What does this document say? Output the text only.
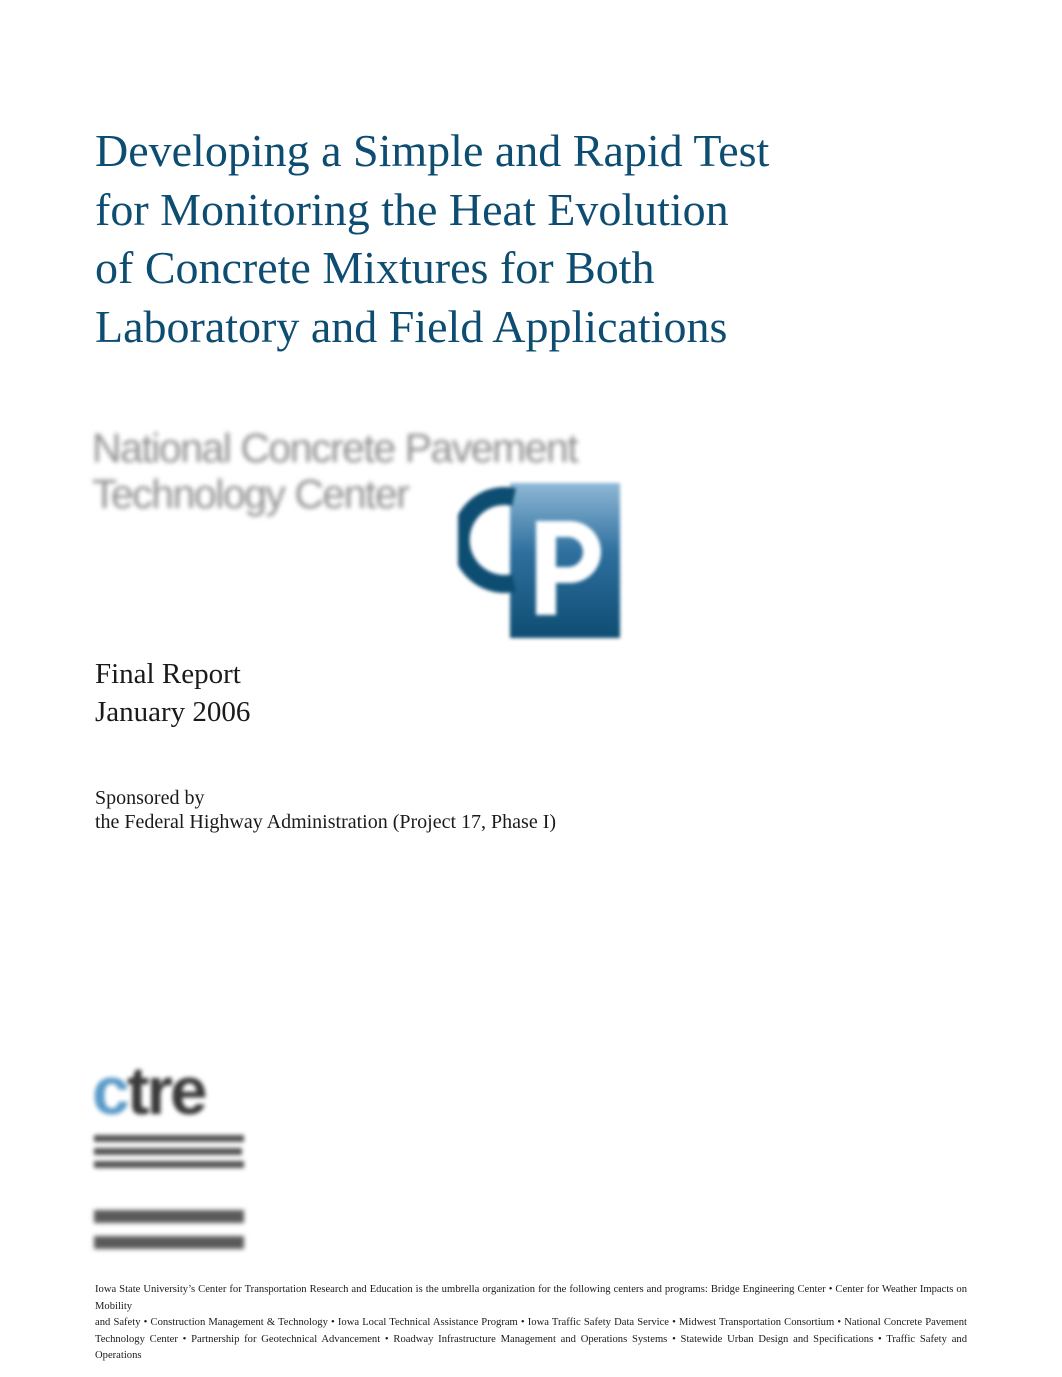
Developing a Simple and Rapid Test
for Monitoring the Heat Evolution
of Concrete Mixtures for Both
Laboratory and Field Applications

National Concrete Pavement
Technology Center

Final Report
January 2006

Sponsored by
the Federal Highway Administration (Project 17, Phase I)

ctre

Iowa State University’s Center for Transportation Research and Education is the umbrella organization for the following centers and programs: Bridge Engineering Center • Center for Weather Impacts on Mobility
and Safety • Construction Management & Technology • Iowa Local Technical Assistance Program • Iowa Traffic Safety Data Service • Midwest Transportation Consortium • National Concrete Pavement
Technology Center • Partnership for Geotechnical Advancement • Roadway Infrastructure Management and Operations Systems • Statewide Urban Design and Specifications • Traffic Safety and Operations
